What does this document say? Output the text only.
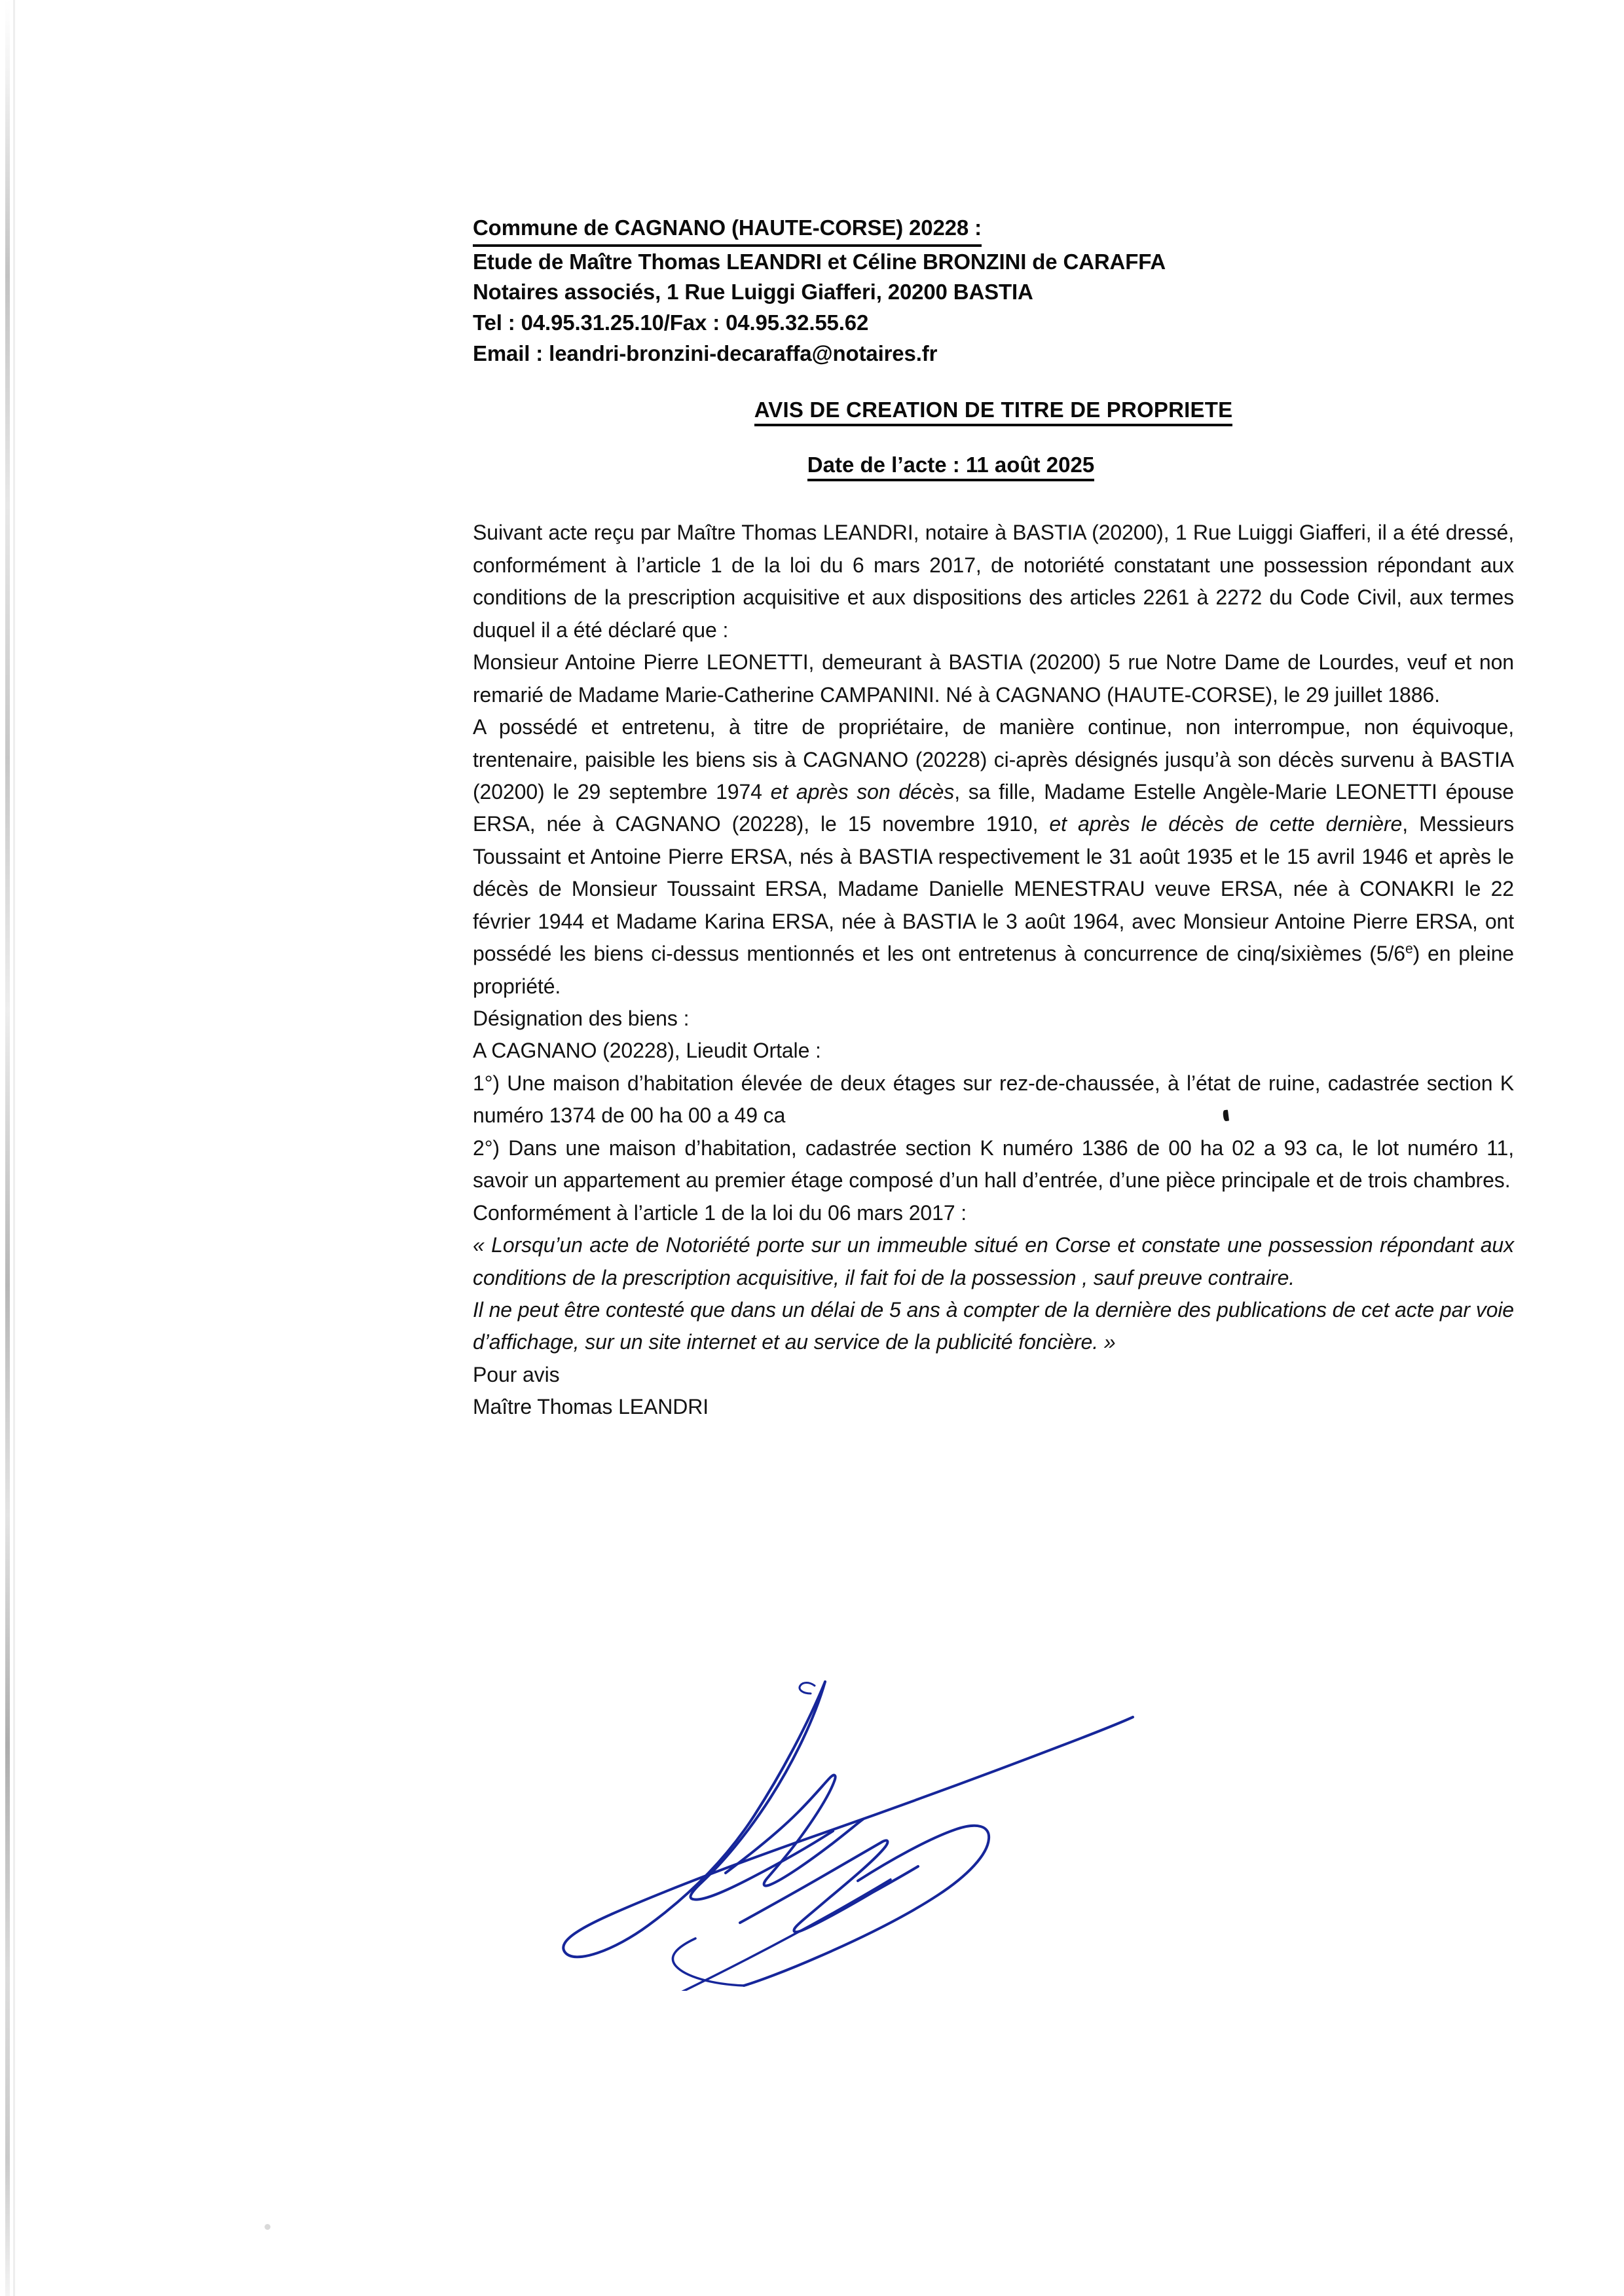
Commune de CAGNANO (HAUTE-CORSE) 20228 :
Etude de Maître Thomas LEANDRI et Céline BRONZINI de CARAFFA
Notaires associés, 1 Rue Luiggi Giafferi, 20200 BASTIA
Tel : 04.95.31.25.10/Fax : 04.95.32.55.62
Email : leandri-bronzini-decaraffa@notaires.fr
AVIS DE CREATION DE TITRE DE PROPRIETE
Date de l’acte : 11 août 2025

Suivant acte reçu par Maître Thomas LEANDRI, notaire à BASTIA (20200), 1 Rue Luiggi Giafferi, il a été dressé, conformément à l’article 1 de la loi du 6 mars 2017, de notoriété constatant une possession répondant aux conditions de la prescription acquisitive et aux dispositions des articles 2261 à 2272 du Code Civil, aux termes duquel il a été déclaré que :

Monsieur Antoine Pierre LEONETTI, demeurant à BASTIA (20200) 5 rue Notre Dame de Lourdes, veuf et non remarié de Madame Marie-Catherine CAMPANINI. Né à CAGNANO (HAUTE-CORSE), le 29 juillet 1886.

A possédé et entretenu, à titre de propriétaire, de manière continue, non interrompue, non équivoque, trentenaire, paisible les biens sis à CAGNANO (20228) ci-après désignés jusqu’à son décès survenu à BASTIA (20200) le 29 septembre 1974 et après son décès, sa fille, Madame Estelle Angèle-Marie LEONETTI épouse ERSA, née à CAGNANO (20228), le 15 novembre 1910, et après le décès de cette dernière, Messieurs Toussaint et Antoine Pierre ERSA, nés à BASTIA respectivement le 31 août 1935 et le 15 avril 1946 et après le décès de Monsieur Toussaint ERSA, Madame Danielle MENESTRAU veuve ERSA, née à CONAKRI le 22 février 1944 et Madame Karina ERSA, née à BASTIA le 3 août 1964, avec Monsieur Antoine Pierre ERSA, ont possédé les biens ci-dessus mentionnés et les ont entretenus à concurrence de cinq/sixièmes (5/6e) en pleine propriété.

Désignation des biens :

A CAGNANO (20228), Lieudit Ortale :

1°) Une maison d’habitation élevée de deux étages sur rez-de-chaussée, à l’état de ruine, cadastrée section K numéro 1374 de 00 ha 00 a 49 ca

2°) Dans une maison d’habitation, cadastrée section K numéro 1386 de 00 ha 02 a 93 ca, le lot numéro 11, savoir un appartement au premier étage composé d’un hall d’entrée, d’une pièce principale et de trois chambres.

Conformément à l’article 1 de la loi du 06 mars 2017 :

« Lorsqu’un acte de Notoriété porte sur un immeuble situé en Corse et constate une possession répondant aux conditions de la prescription acquisitive, il fait foi de la possession , sauf preuve contraire.

Il ne peut être contesté que dans un délai de 5 ans à compter de la dernière des publications de cet acte par voie d’affichage, sur un site internet et au service de la publicité foncière. »

Pour avis

Maître Thomas LEANDRI
